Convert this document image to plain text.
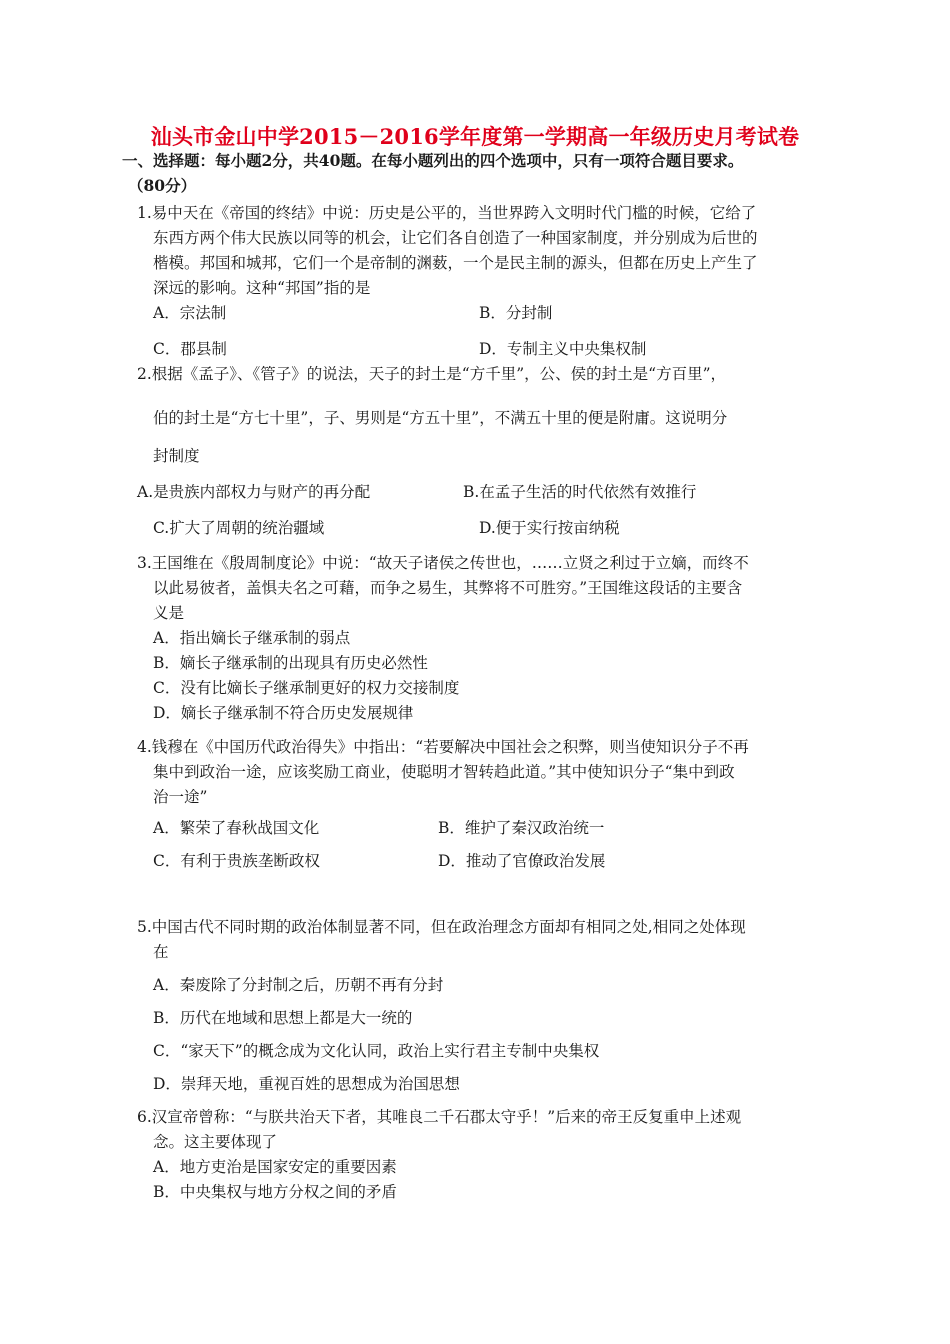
汕头市金山中学2015－2016学年度第一学期高一年级历史月考试卷
一、选择题：每小题2分，共40题。在每小题列出的四个选项中，只有一项符合题目要求。
（80分）
1.易中天在《帝国的终结》中说：历史是公平的，当世界跨入文明时代门槛的时候，它给了
东西方两个伟大民族以同等的机会，让它们各自创造了一种国家制度，并分别成为后世的
楷模。邦国和城邦，它们一个是帝制的渊薮，一个是民主制的源头，但都在历史上产生了
深远的影响。这种“邦国”指的是
A．宗法制	B．分封制
C．郡县制	D．专制主义中央集权制
2.根据《孟子》、《管子》的说法，天子的封土是“方千里”，公、侯的封土是“方百里”，
伯的封土是“方七十里”，子、男则是“方五十里”，不满五十里的便是附庸。这说明分
封制度
A.是贵族内部权力与财产的再分配	B.在孟子生活的时代依然有效推行
C.扩大了周朝的统治疆域	D.便于实行按亩纳税
3.王国维在《殷周制度论》中说：“故天子诸侯之传世也，……立贤之利过于立嫡，而终不
以此易彼者，盖惧夫名之可藉，而争之易生，其弊将不可胜穷。”王国维这段话的主要含
义是
A．指出嫡长子继承制的弱点
B．嫡长子继承制的出现具有历史必然性
C．没有比嫡长子继承制更好的权力交接制度
D．嫡长子继承制不符合历史发展规律
4.钱穆在《中国历代政治得失》中指出：“若要解决中国社会之积弊，则当使知识分子不再
集中到政治一途，应该奖励工商业，使聪明才智转趋此道。”其中使知识分子“集中到政
治一途”
A．繁荣了春秋战国文化	B．维护了秦汉政治统一
C．有利于贵族垄断政权	D．推动了官僚政治发展
5.中国古代不同时期的政治体制显著不同，但在政治理念方面却有相同之处,相同之处体现
在
A．秦废除了分封制之后，历朝不再有分封
B．历代在地域和思想上都是大一统的
C．“家天下”的概念成为文化认同，政治上实行君主专制中央集权
D．崇拜天地，重视百姓的思想成为治国思想
6.汉宣帝曾称：“与朕共治天下者，其唯良二千石郡太守乎！”后来的帝王反复重申上述观
念。这主要体现了
A．地方吏治是国家安定的重要因素
B．中央集权与地方分权之间的矛盾
